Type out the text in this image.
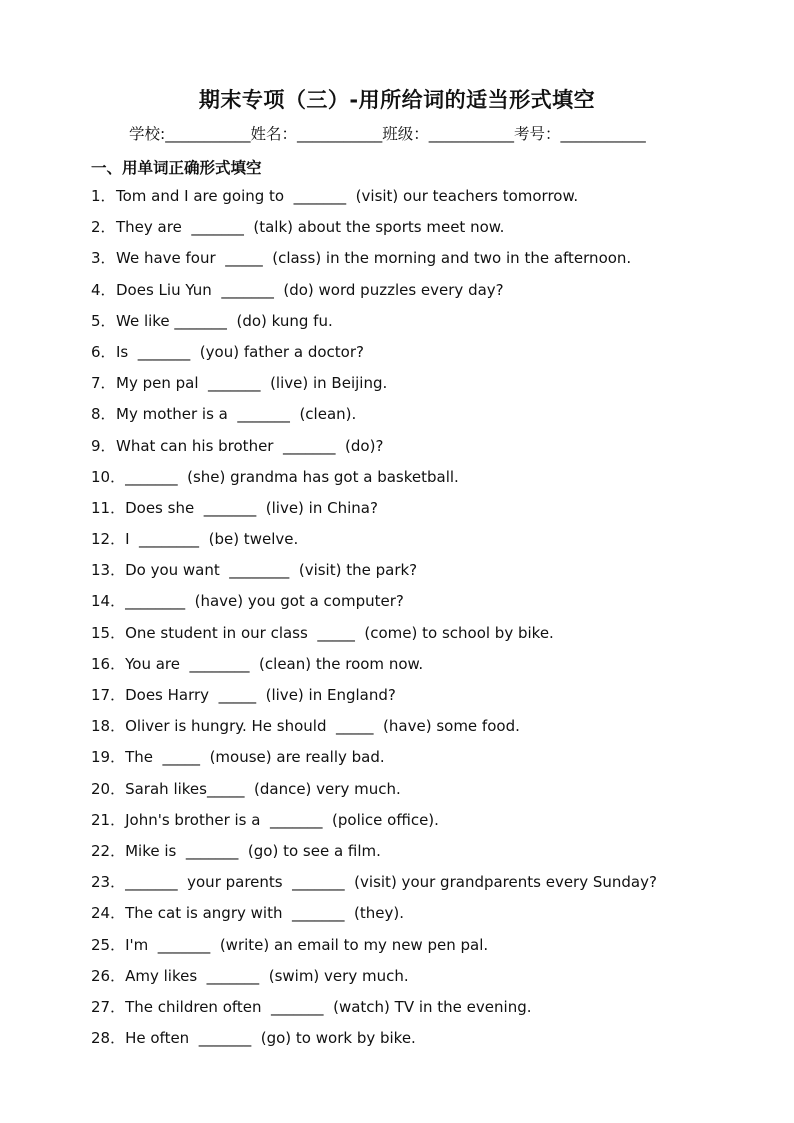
期末专项（三）-用所给词的适当形式填空
学校:___________姓名：___________班级：___________考号：___________
一、用单词正确形式填空
1． Tom and I are going to  _______  (visit) our teachers tomorrow.
2． They are  _______  (talk) about the sports meet now.
3． We have four  _____  (class) in the morning and two in the afternoon.
4． Does Liu Yun  _______  (do) word puzzles every day?
5． We like _______  (do) kung fu.
6． Is  _______  (you) father a doctor?
7． My pen pal  _______  (live) in Beijing.
8． My mother is a  _______  (clean).
9． What can his brother  _______  (do)?
10． _______  (she) grandma has got a basketball.
11． Does she  _______  (live) in China?
12． I  ________  (be) twelve.
13． Do you want  ________  (visit) the park?
14． ________  (have) you got a computer?
15． One student in our class  _____  (come) to school by bike.
16． You are  ________  (clean) the room now.
17． Does Harry  _____  (live) in England?
18． Oliver is hungry. He should  _____  (have) some food.
19． The  _____  (mouse) are really bad.
20． Sarah likes_____  (dance) very much.
21． John's brother is a  _______  (police office).
22． Mike is  _______  (go) to see a film.
23． _______  your parents  _______  (visit) your grandparents every Sunday?
24． The cat is angry with  _______  (they).
25． I'm  _______  (write) an email to my new pen pal.
26． Amy likes  _______  (swim) very much.
27． The children often  _______  (watch) TV in the evening.
28． He often  _______  (go) to work by bike.
